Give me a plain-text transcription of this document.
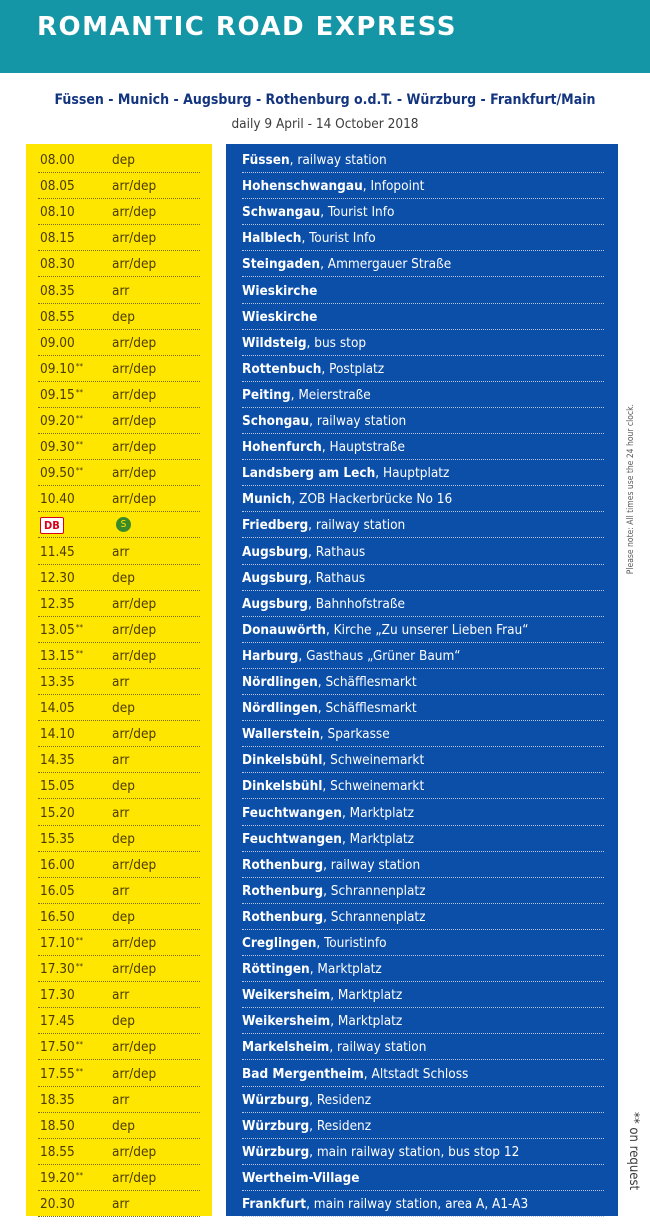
ROMANTIC ROAD EXPRESS
Füssen - Munich - Augsburg - Rothenburg o.d.T. - Würzburg - Frankfurt/Main
daily 9 April - 14 October 2018
08.00	dep	Füssen, railway station
08.05	arr/dep	Hohenschwangau, Infopoint
08.10	arr/dep	Schwangau, Tourist Info
08.15	arr/dep	Halblech, Tourist Info
08.30	arr/dep	Steingaden, Ammergauer Straße
08.35	arr	Wieskirche
08.55	dep	Wieskirche
09.00	arr/dep	Wildsteig, bus stop
09.10** arr/dep	Rottenbuch, Postplatz
09.15** arr/dep	Peiting, Meierstraße
09.20** arr/dep	Schongau, railway station
09.30** arr/dep	Hohenfurch, Hauptstraße
09.50** arr/dep	Landsberg am Lech, Hauptplatz
10.40	arr/dep	Munich, ZOB Hackerbrücke No 16
DB	S	Friedberg, railway station
11.45	arr	Augsburg, Rathaus
12.30	dep	Augsburg, Rathaus
12.35	arr/dep	Augsburg, Bahnhofstraße
13.05** arr/dep	Donauwörth, Kirche „Zu unserer Lieben Frau“
13.15** arr/dep	Harburg, Gasthaus „Grüner Baum“
13.35	arr	Nördlingen, Schäfflesmarkt
14.05	dep	Nördlingen, Schäfflesmarkt
14.10	arr/dep	Wallerstein, Sparkasse
14.35	arr	Dinkelsbühl, Schweinemarkt
15.05	dep	Dinkelsbühl, Schweinemarkt
15.20	arr	Feuchtwangen, Marktplatz
15.35	dep	Feuchtwangen, Marktplatz
16.00	arr/dep	Rothenburg, railway station
16.05	arr	Rothenburg, Schrannenplatz
16.50	dep	Rothenburg, Schrannenplatz
17.10** arr/dep	Creglingen, Touristinfo
17.30** arr/dep	Röttingen, Marktplatz
17.30	arr	Weikersheim, Marktplatz
17.45	dep	Weikersheim, Marktplatz
17.50** arr/dep	Markelsheim, railway station
17.55** arr/dep	Bad Mergentheim, Altstadt Schloss
18.35	arr	Würzburg, Residenz
18.50	dep	Würzburg, Residenz
18.55	arr/dep	Würzburg, main railway station, bus stop 12
19.20** arr/dep	Wertheim-Village
20.30	arr	Frankfurt, main railway station, area A, A1-A3
Please note: All times use the 24 hour clock.
** on request
